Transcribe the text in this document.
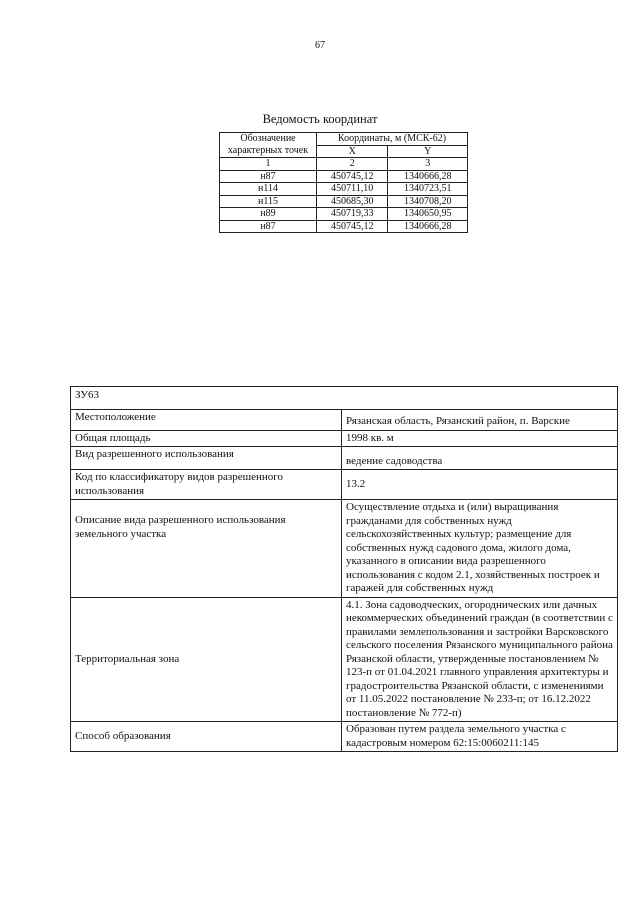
67
Ведомость координат
Обозначение характерных точек	Координаты, м (МСК-62)	
	X	Y
1	2	3
н87	450745,12	1340666,28
н114	450711,10	1340723,51
н115	450685,30	1340708,20
н89	450719,33	1340650,95
н87	450745,12	1340666,28
ЗУ63	
Местоположение	Рязанская область, Рязанский район, п. Варские
Общая площадь	1998 кв. м
Вид разрешенного использования	ведение садоводства
Код по классификатору видов разрешенного использования	13.2
Описание вида разрешенного использования земельного участка	Осуществление отдыха и (или) выращивания гражданами для собственных нужд сельскохозяйственных культур; размещение для собственных нужд садового дома, жилого дома, указанного в описании вида разрешенного использования с кодом 2.1, хозяйственных построек и гаражей для собственных нужд
Территориальная зона	4.1. Зона садоводческих, огороднических или дачных некоммерческих объединений граждан (в соответствии с правилами землепользования и застройки Варсковского сельского поселения Рязанского муниципального района Рязанской области, утвержденные постановлением № 123-п от 01.04.2021 главного управления архитектуры и градостроительства Рязанской области, с изменениями от 11.05.2022 постановление № 233-п; от 16.12.2022 постановление № 772-п)
Способ образования	Образован путем раздела земельного участка с кадастровым номером 62:15:0060211:145
